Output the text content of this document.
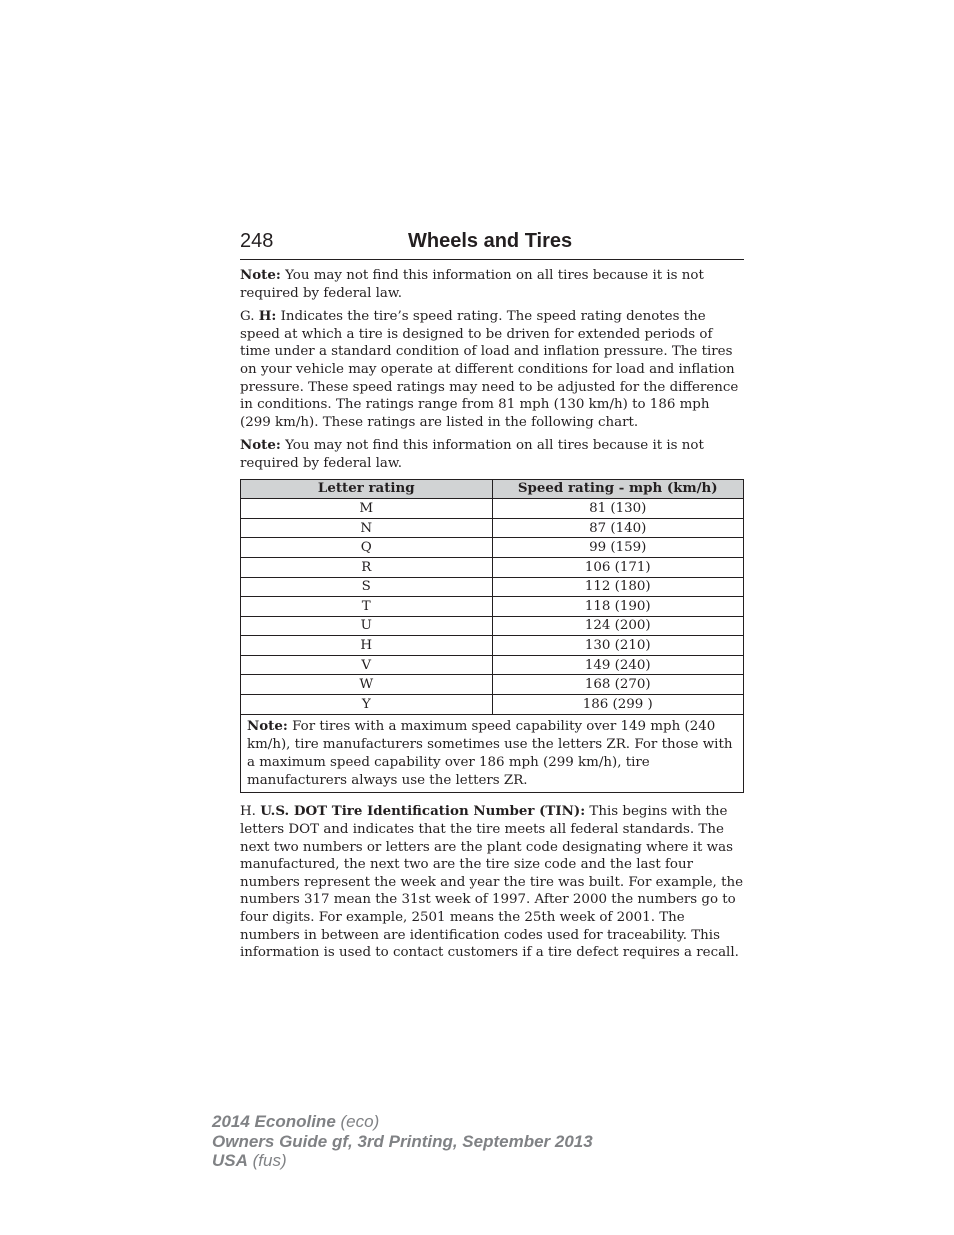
248	Wheels and Tires

Note: You may not find this information on all tires because it is not required by federal law.

G. H: Indicates the tire’s speed rating. The speed rating denotes the speed at which a tire is designed to be driven for extended periods of time under a standard condition of load and inflation pressure. The tires on your vehicle may operate at different conditions for load and inflation pressure. These speed ratings may need to be adjusted for the difference in conditions. The ratings range from 81 mph (130 km/h) to 186 mph (299 km/h). These ratings are listed in the following chart.

Note: You may not find this information on all tires because it is not required by federal law.

Letter rating	Speed rating - mph (km/h)
M	81 (130)
N	87 (140)
Q	99 (159)
R	106 (171)
S	112 (180)
T	118 (190)
U	124 (200)
H	130 (210)
V	149 (240)
W	168 (270)
Y	186 (299 )
Note: For tires with a maximum speed capability over 149 mph (240 km/h), tire manufacturers sometimes use the letters ZR. For those with a maximum speed capability over 186 mph (299 km/h), tire manufacturers always use the letters ZR.	

H. U.S. DOT Tire Identification Number (TIN): This begins with the letters DOT and indicates that the tire meets all federal standards. The next two numbers or letters are the plant code designating where it was manufactured, the next two are the tire size code and the last four numbers represent the week and year the tire was built. For example, the numbers 317 mean the 31st week of 1997. After 2000 the numbers go to four digits. For example, 2501 means the 25th week of 2001. The numbers in between are identification codes used for traceability. This information is used to contact customers if a tire defect requires a recall.

2014 Econoline (eco)
Owners Guide gf, 3rd Printing, September 2013
USA (fus)
